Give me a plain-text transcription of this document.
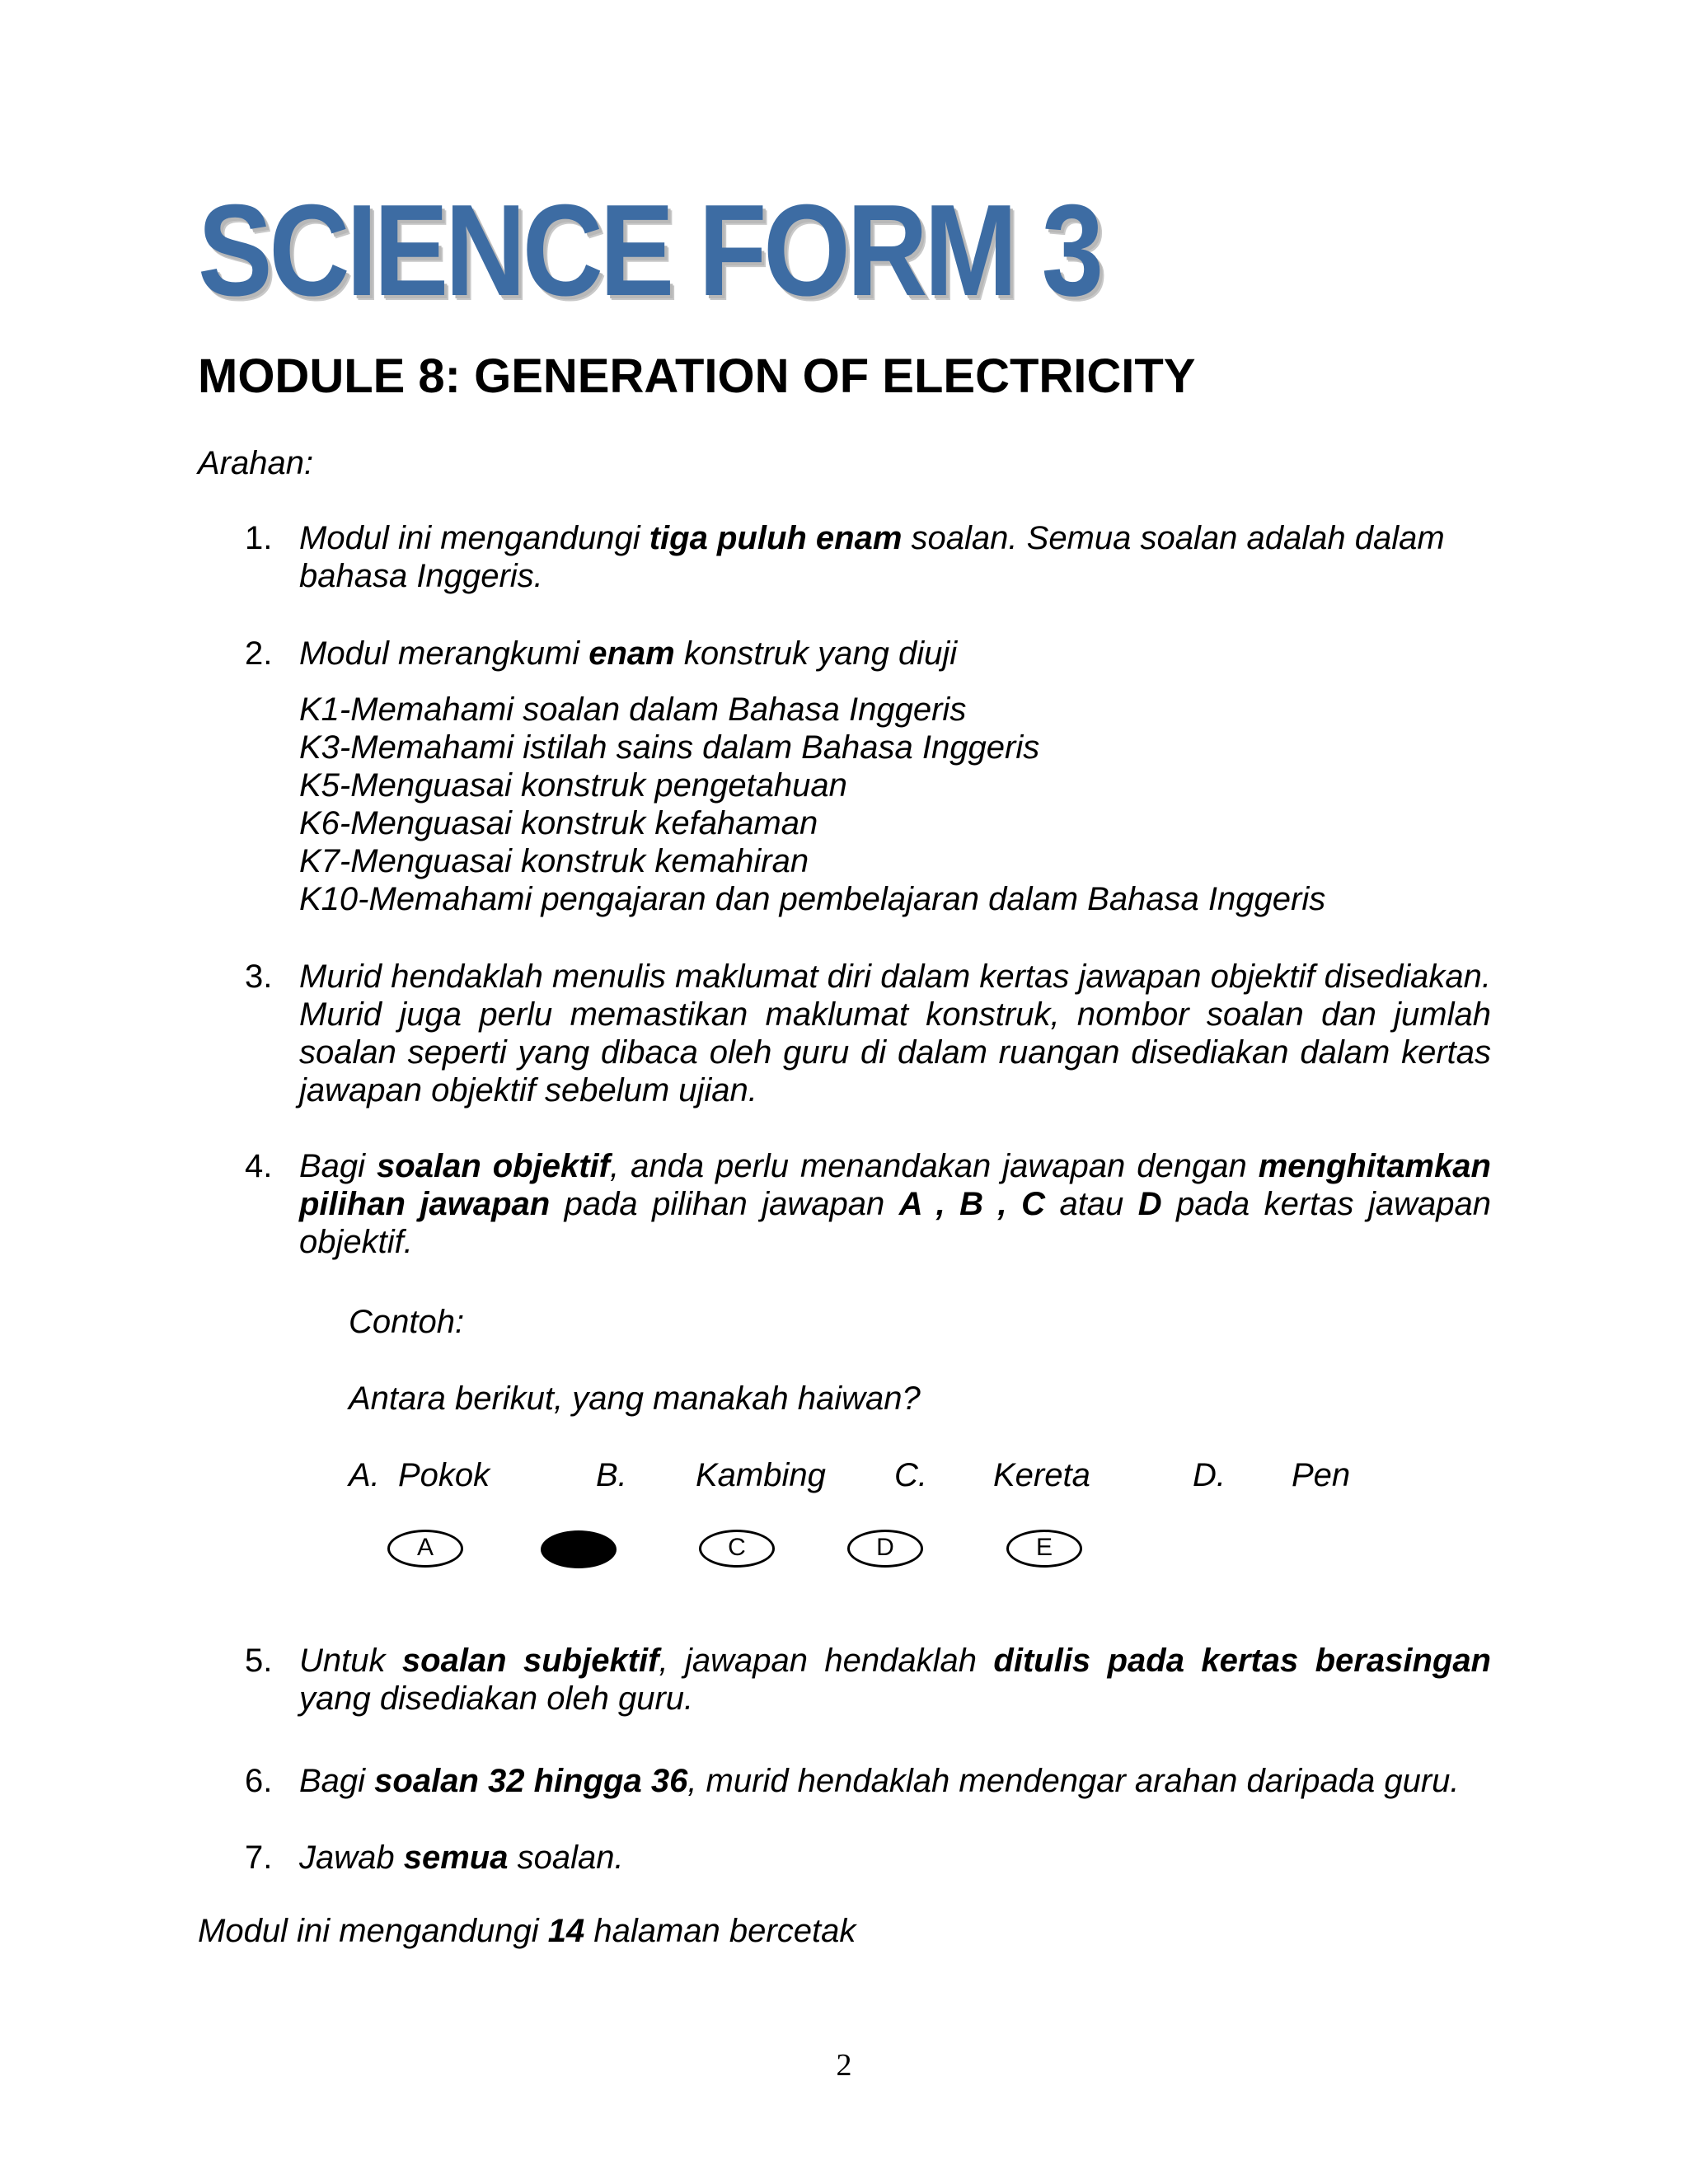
SCIENCE FORM 3
MODULE 8: GENERATION OF ELECTRICITY
Arahan:
1. Modul ini mengandungi tiga puluh enam soalan. Semua soalan adalah dalam bahasa Inggeris.

2. Modul merangkumi enam konstruk yang diuji

K1-Memahami soalan dalam Bahasa Inggeris
K3-Memahami istilah sains dalam Bahasa Inggeris
K5-Menguasai konstruk pengetahuan
K6-Menguasai konstruk kefahaman
K7-Menguasai konstruk kemahiran
K10-Memahami pengajaran dan pembelajaran dalam Bahasa Inggeris
3. Murid hendaklah menulis maklumat diri dalam kertas jawapan objektif disediakan. Murid juga perlu memastikan maklumat konstruk, nombor soalan dan jumlah soalan seperti yang dibaca oleh guru di dalam ruangan disediakan dalam kertas jawapan objektif sebelum ujian.

4. Bagi soalan objektif, anda perlu menandakan jawapan dengan menghitamkan pilihan jawapan pada pilihan jawapan A , B , C atau D pada kertas jawapan objektif.

5. Untuk soalan subjektif, jawapan hendaklah ditulis pada kertas berasingan yang disediakan oleh guru.

6. Bagi soalan 32 hingga 36, murid hendaklah mendengar arahan daripada guru.

7. Jawab semua soalan.

Contoh:
Antara berikut, yang manakah haiwan?
A. Pokok	B. Kambing C. Kereta	D. Pen
A	C	D	E
Modul ini mengandungi 14 halaman bercetak
2
